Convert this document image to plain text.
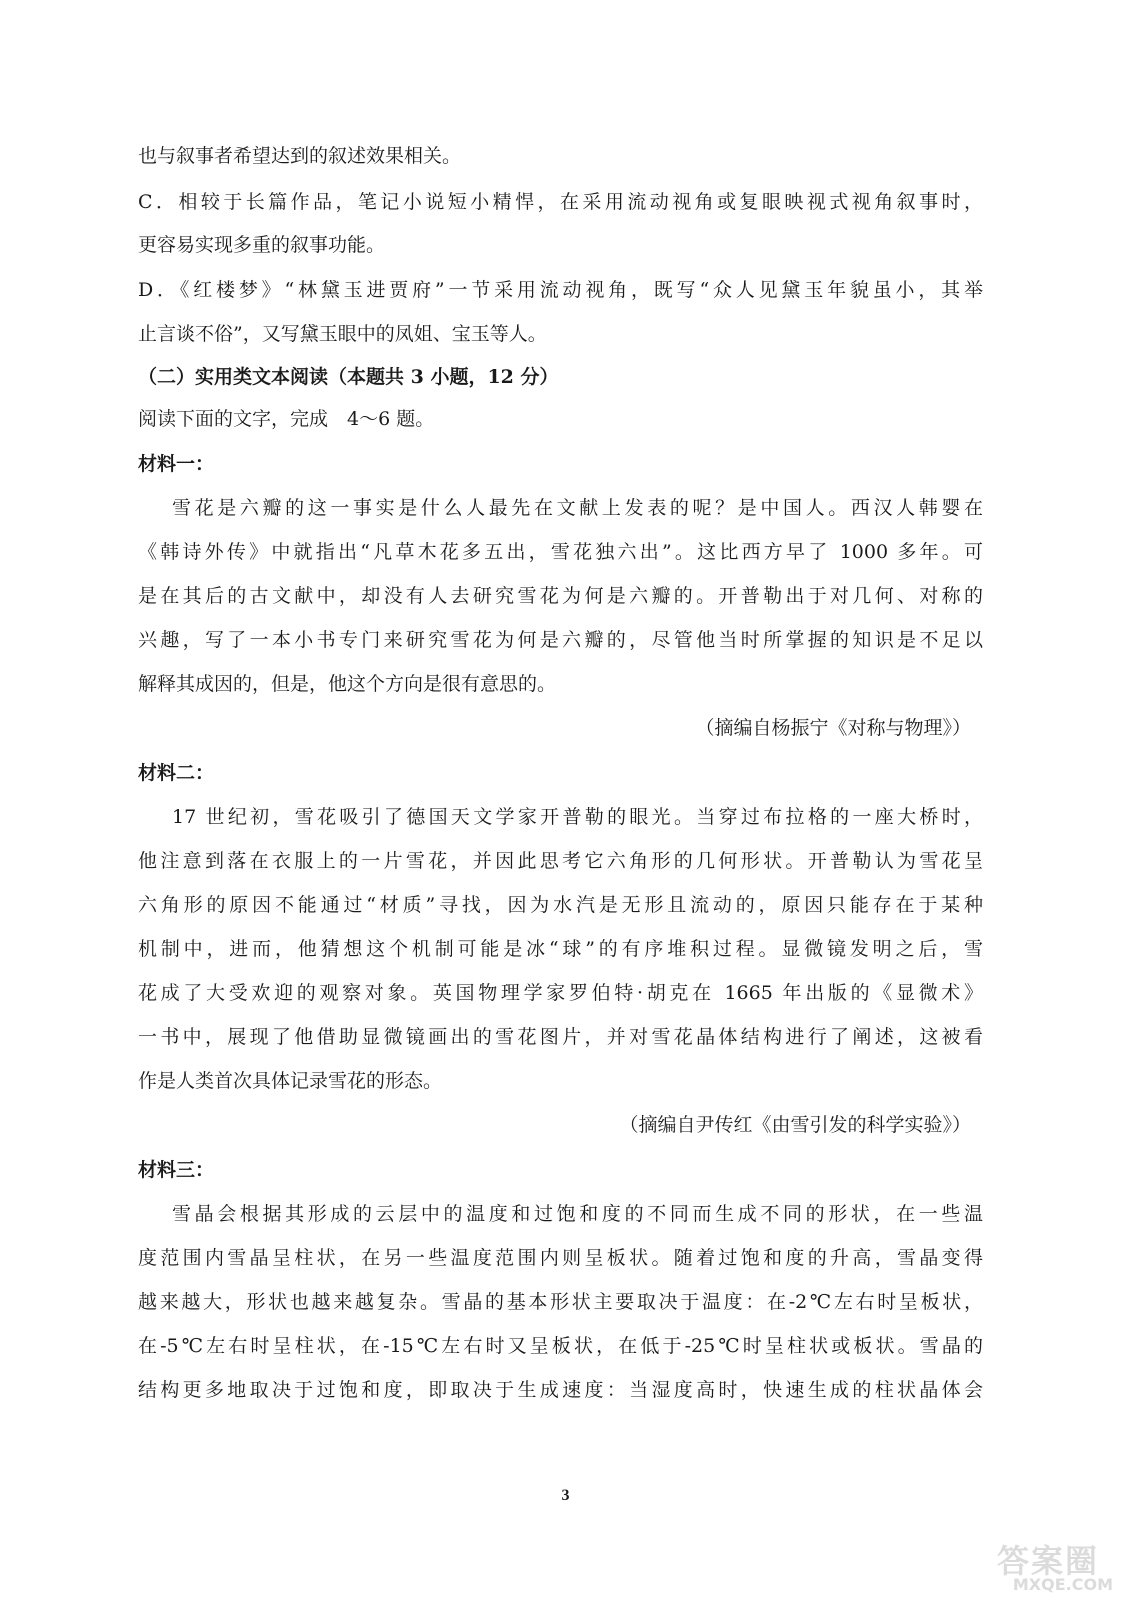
也与叙事者希望达到的叙述效果相关。
C．相较于长篇作品，笔记小说短小精悍，在采用流动视角或复眼映视式视角叙事时，
更容易实现多重的叙事功能。
D．《红楼梦》“林黛玉进贾府”一节采用流动视角，既写“众人见黛玉年貌虽小，其举
止言谈不俗”，又写黛玉眼中的凤姐、宝玉等人。
（二）实用类文本阅读（本题共 3 小题，12 分）
阅读下面的文字，完成　4～6 题。
材料一：
雪花是六瓣的这一事实是什么人最先在文献上发表的呢？是中国人。西汉人韩婴在
《韩诗外传》中就指出“凡草木花多五出，雪花独六出”。这比西方早了 1000 多年。可
是在其后的古文献中，却没有人去研究雪花为何是六瓣的。开普勒出于对几何、对称的
兴趣，写了一本小书专门来研究雪花为何是六瓣的，尽管他当时所掌握的知识是不足以
解释其成因的，但是，他这个方向是很有意思的。
（摘编自杨振宁《对称与物理》）
材料二：
17 世纪初，雪花吸引了德国天文学家开普勒的眼光。当穿过布拉格的一座大桥时，
他注意到落在衣服上的一片雪花，并因此思考它六角形的几何形状。开普勒认为雪花呈
六角形的原因不能通过“材质”寻找，因为水汽是无形且流动的，原因只能存在于某种
机制中，进而，他猜想这个机制可能是冰“球”的有序堆积过程。显微镜发明之后，雪
花成了大受欢迎的观察对象。英国物理学家罗伯特·胡克在 1665 年出版的《显微术》
一书中，展现了他借助显微镜画出的雪花图片，并对雪花晶体结构进行了阐述，这被看
作是人类首次具体记录雪花的形态。
（摘编自尹传红《由雪引发的科学实验》）
材料三：
雪晶会根据其形成的云层中的温度和过饱和度的不同而生成不同的形状，在一些温
度范围内雪晶呈柱状，在另一些温度范围内则呈板状。随着过饱和度的升高，雪晶变得
越来越大，形状也越来越复杂。雪晶的基本形状主要取决于温度：在-2℃左右时呈板状，
在-5℃左右时呈柱状，在-15℃左右时又呈板状，在低于-25℃时呈柱状或板状。雪晶的
结构更多地取决于过饱和度，即取决于生成速度：当湿度高时，快速生成的柱状晶体会
3
答案圈
MXQE.COM
